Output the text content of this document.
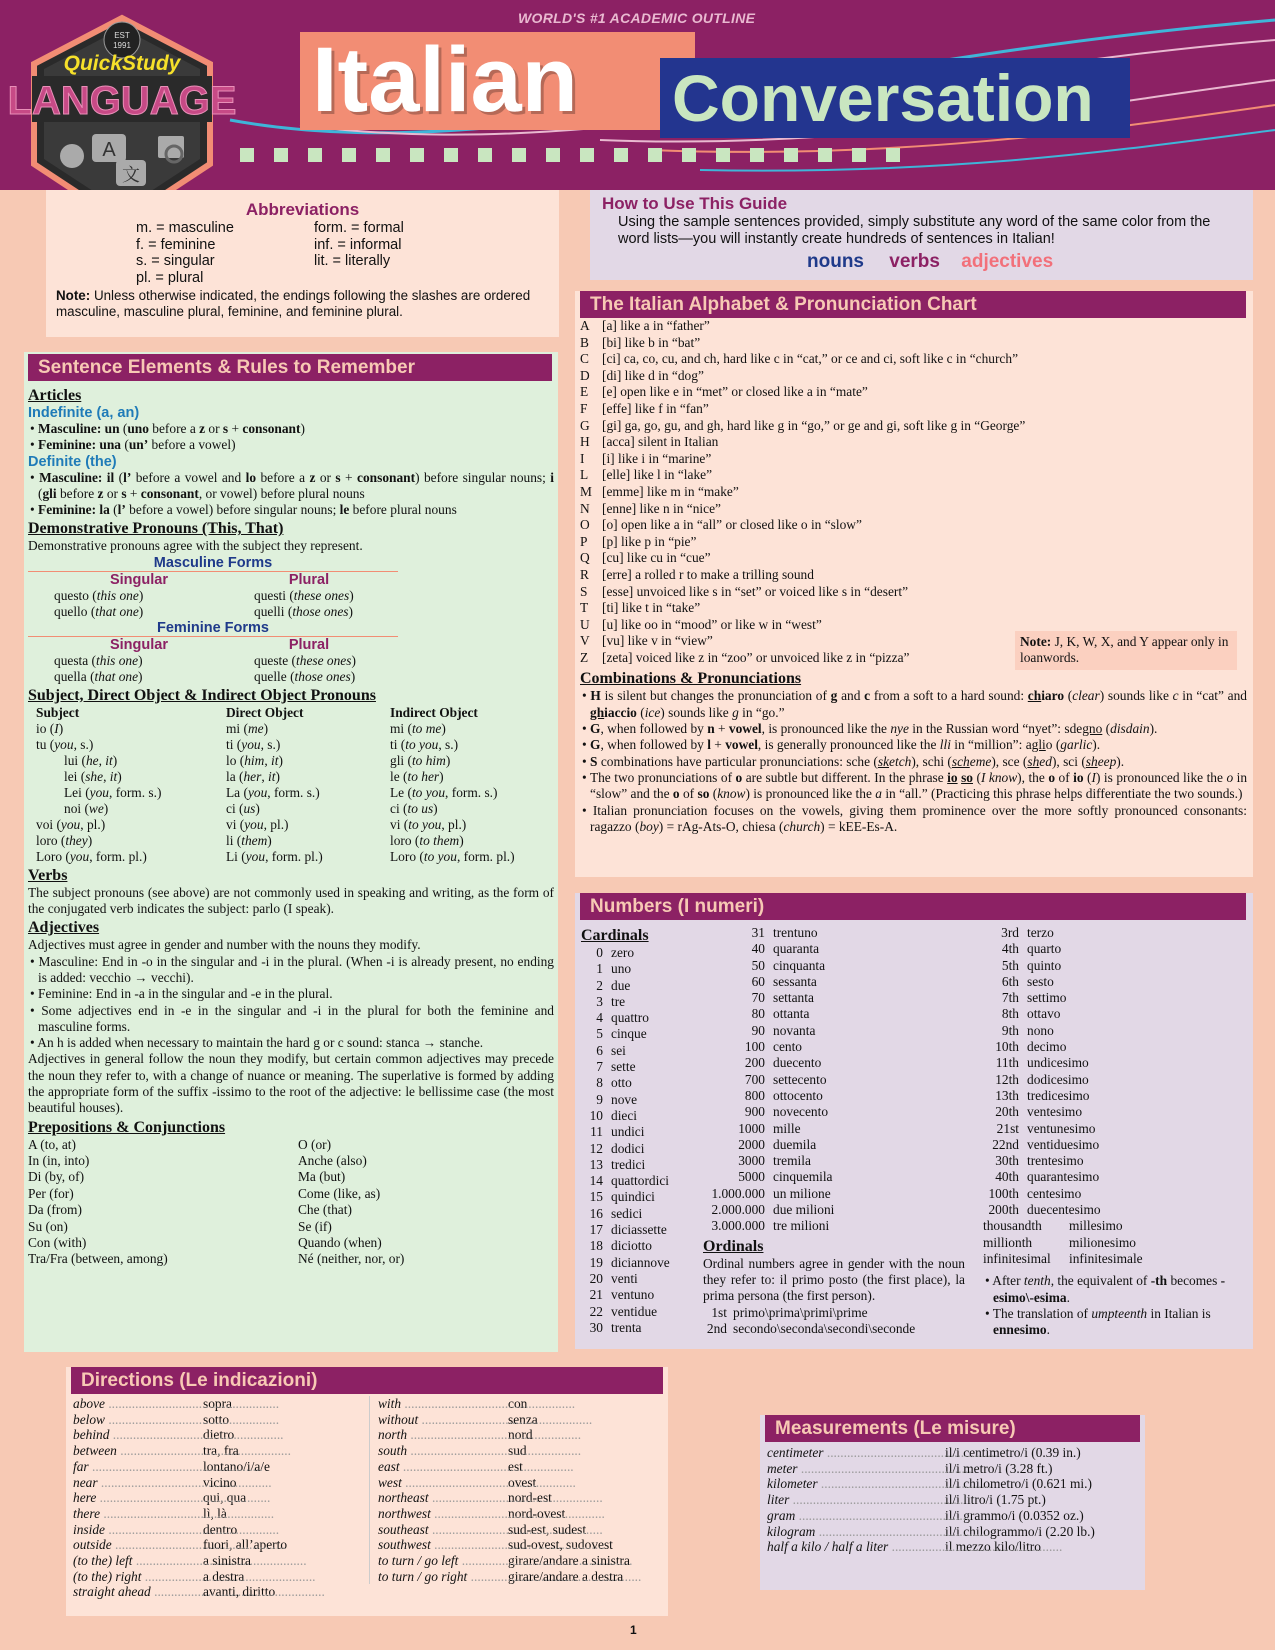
WORLD'S #1 ACADEMIC OUTLINE
Italian	Conversation
EST
1991
QuickStudy
LANGUAGE
A
文
Abbreviations
m. = masculine
f. = feminine
s. = singular
pl. = plural
form. = formal
inf. = informal
lit. = literally
Note: Unless otherwise indicated, the endings following the slashes are ordered masculine, masculine plural, feminine, and feminine plural.
How to Use This Guide
Using the sample sentences provided, simply substitute any word of the same color from the word lists—you will instantly create hundreds of sentences in Italian!
nouns verbs adjectives
Sentence Elements & Rules to Remember
Articles
Indefinite (a, an)
• Masculine: un (uno before a z or s + consonant)
• Feminine: una (un’ before a vowel)
Definite (the)
• Masculine: il (l’ before a vowel and lo before a z or s + consonant) before singular nouns; i (gli before z or s + consonant, or vowel) before plural nouns
• Feminine: la (l’ before a vowel) before singular nouns; le before plural nouns
Demonstrative Pronouns (This, That)

Demonstrative pronouns agree with the subject they represent.

Masculine Forms
Singular	Plural
questo (this one)	questi (these ones)
quello (that one)	quelli (those ones)
Feminine Forms
Singular	Plural
questa (this one)	queste (these ones)
quella (that one)	quelle (those ones)
Subject, Direct Object & Indirect Object Pronouns
Subject	Direct Object	Indirect Object
io (I)	mi (me)	mi (to me)
tu (you, s.)	ti (you, s.)	ti (to you, s.)
lui (he, it)	lo (him, it)	gli (to him)
lei (she, it)	la (her, it)	le (to her)
Lei (you, form. s.)	La (you, form. s.)	Le (to you, form. s.)
noi (we)	ci (us)	ci (to us)
voi (you, pl.)	vi (you, pl.)	vi (to you, pl.)
loro (they)	li (them)	loro (to them)
Loro (you, form. pl.)	Li (you, form. pl.)	Loro (to you, form. pl.)
Verbs

The subject pronouns (see above) are not commonly used in speaking and writing, as the form of the conjugated verb indicates the subject: parlo (I speak).

Adjectives

Adjectives must agree in gender and number with the nouns they modify.

• Masculine: End in -o in the singular and -i in the plural. (When -i is already present, no ending is added: vecchio → vecchi).
• Feminine: End in -a in the singular and -e in the plural.
• Some adjectives end in -e in the singular and -i in the plural for both the feminine and masculine forms.
• An h is added when necessary to maintain the hard g or c sound: stanca → stanche.

Adjectives in general follow the noun they modify, but certain common adjectives may precede the noun they refer to, with a change of nuance or meaning. The superlative is formed by adding the appropriate form of the suffix -issimo to the root of the adjective: le bellissime case (the most beautiful houses).

Prepositions & Conjunctions
A (to, at)
In (in, into)
Di (by, of)
Per (for)
Da (from)
Su (on)
Con (with)
Tra/Fra (between, among)
O (or)
Anche (also)
Ma (but)
Come (like, as)
Che (that)
Se (if)
Quando (when)
Né (neither, nor, or)
The Italian Alphabet & Pronunciation Chart
A [a] like a in “father”
B [bi] like b in “bat”
C [ci] ca, co, cu, and ch, hard like c in “cat,” or ce and ci, soft like c in “church”
D [di] like d in “dog”
E	[e] open like e in “met” or closed like a in “mate”
F	[effe] like f in “fan”
G [gi] ga, go, gu, and gh, hard like g in “go,” or ge and gi, soft like g in “George”
H [acca] silent in Italian
I	[i] like i in “marine”
L	[elle] like l in “lake”
M [emme] like m in “make”
N [enne] like n in “nice”
O [o] open like a in “all” or closed like o in “slow”
P	[p] like p in “pie”
Q [cu] like cu in “cue”
R [erre] a rolled r to make a trilling sound
S	[esse] unvoiced like s in “set” or voiced like s in “desert”
T	[ti] like t in “take”
U [u] like oo in “mood” or like w in “west”
V [vu] like v in “view”
Z	[zeta] voiced like z in “zoo” or unvoiced like z in “pizza”
Note: J, K, W, X, and Y appear only in loanwords.
Combinations & Pronunciations
• H is silent but changes the pronunciation of g and c from a soft to a hard sound: chiaro (clear) sounds like c in “cat” and ghiaccio (ice) sounds like g in “go.”
• G, when followed by n + vowel, is pronounced like the nye in the Russian word “nyet”: sdegno (disdain).
• G, when followed by l + vowel, is generally pronounced like the lli in “million”: aglio (garlic).
• S combinations have particular pronunciations: sche (sketch), schi (scheme), sce (shed), sci (sheep).
• The two pronunciations of o are subtle but different. In the phrase io so (I know), the o of io (I) is pronounced like the o in “slow” and the o of so (know) is pronounced like the a in “all.” (Practicing this phrase helps differentiate the two sounds.)
• Italian pronunciation focuses on the vowels, giving them prominence over the more softly pronounced consonants: ragazzo (boy) = rAg-Ats-O, chiesa (church) = kEE-Es-A.
Numbers (I numeri)
Cardinals
0 zero
1 uno
2 due
3 tre
4 quattro
5 cinque
6 sei
7 sette
8 otto
9 nove
10 dieci
11 undici
12 dodici
13 tredici
14 quattordici
15 quindici
16 sedici
17 diciassette
18 diciotto
19 diciannove
20 venti
21 ventuno
22 ventidue
30 trenta
31 trentuno
40 quaranta
50 cinquanta
60 sessanta
70 settanta
80 ottanta
90 novanta
100 cento
200 duecento
700 settecento
800 ottocento
900 novecento
1000 mille
2000 duemila
3000 tremila
5000 cinquemila
1.000.000 un milione
2.000.000 due milioni
3.000.000 tre milioni
Ordinals

Ordinal numbers agree in gender with the noun they refer to: il primo posto (the first place), la prima persona (the first person).

1st primo\prima\primi\prime
2nd secondo\seconda\secondi\seconde
3rd terzo
4th quarto
5th quinto
6th sesto
7th settimo
8th ottavo
9th nono
10th decimo
11th undicesimo
12th dodicesimo
13th tredicesimo
20th ventesimo
21st ventunesimo
22nd ventiduesimo
30th trentesimo
40th quarantesimo
100th centesimo
200th duecentesimo
thousandth	millesimo
millionth	milionesimo
infinitesimal	infinitesimale
• After tenth, the equivalent of -th becomes -esimo\-esima.
• The translation of umpteenth in Italian is ennesimo.
Directions (Le indicazioni)
above .....	sopra
below .....	sotto
behind .....	dietro
between .....	tra, fra
far .....	lontano/i/a/e
near .....	vicino
here .....	qui, qua
there .....	lì, là
inside .....	dentro
outside .....	fuori, all’aperto
(to the) left .....	a sinistra
(to the) right .....	a destra
straight ahead .....	avanti, diritto
with .....	con
without .....	senza
north .....	nord
south .....	sud
east .....	est
west .....	ovest
northeast .....	nord-est
northwest .....	nord-ovest
southeast .....	sud-est, sudest
southwest .....	sud-ovest, sudovest
to turn / go left .....	girare/andare a sinistra
to turn / go right .....	girare/andare a destra
Measurements (Le misure)
centimeter .....	il/i centimetro/i (0.39 in.)
meter .....	il/i metro/i (3.28 ft.)
kilometer .....	il/i chilometro/i (0.621 mi.)
liter .....	il/i litro/i (1.75 pt.)
gram .....	il/i grammo/i (0.0352 oz.)
kilogram .....	il/i chilogrammo/i (2.20 lb.)
half a kilo / half a liter .....	il mezzo kilo/litro
1
